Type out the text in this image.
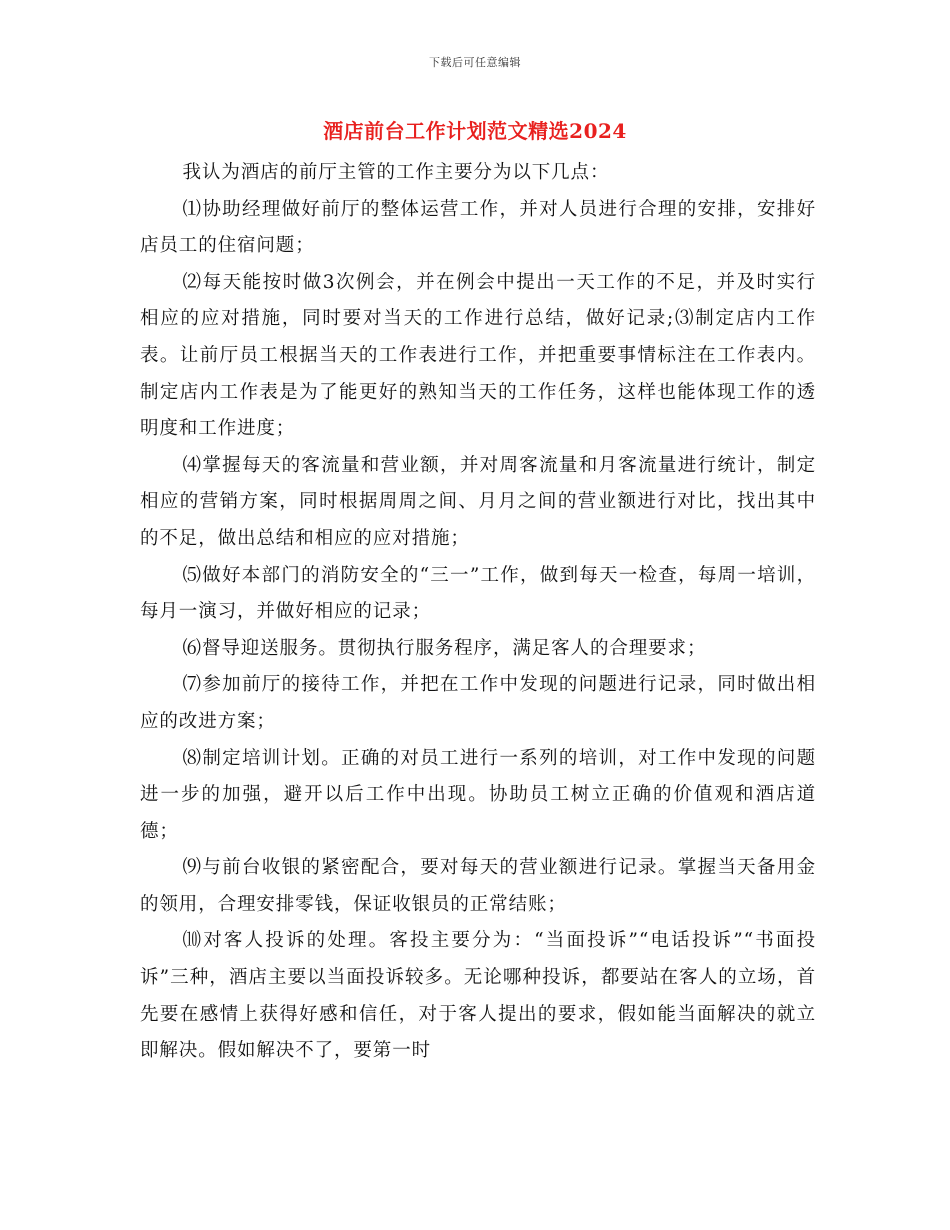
下载后可任意编辑
酒店前台工作计划范文精选2024

我认为酒店的前厅主管的工作主要分为以下几点：

⑴协助经理做好前厅的整体运营工作，并对人员进行合理的安排，安排好店员工的住宿问题；

⑵每天能按时做3次例会，并在例会中提出一天工作的不足，并及时实行相应的应对措施，同时要对当天的工作进行总结，做好记录;⑶制定店内工作表。让前厅员工根据当天的工作表进行工作，并把重要事情标注在工作表内。制定店内工作表是为了能更好的熟知当天的工作任务，这样也能体现工作的透明度和工作进度；

⑷掌握每天的客流量和营业额，并对周客流量和月客流量进行统计，制定相应的营销方案，同时根据周周之间、月月之间的营业额进行对比，找出其中的不足，做出总结和相应的应对措施；

⑸做好本部门的消防安全的“三一”工作，做到每天一检查，每周一培训，每月一演习，并做好相应的记录；

⑹督导迎送服务。贯彻执行服务程序，满足客人的合理要求；

⑺参加前厅的接待工作，并把在工作中发现的问题进行记录，同时做出相应的改进方案；

⑻制定培训计划。正确的对员工进行一系列的培训，对工作中发现的问题进一步的加强，避开以后工作中出现。协助员工树立正确的价值观和酒店道德；

⑼与前台收银的紧密配合，要对每天的营业额进行记录。掌握当天备用金的领用，合理安排零钱，保证收银员的正常结账；

⑽对客人投诉的处理。客投主要分为：“当面投诉”“电话投诉”“书面投诉”三种，酒店主要以当面投诉较多。无论哪种投诉，都要站在客人的立场，首先要在感情上获得好感和信任，对于客人提出的要求，假如能当面解决的就立即解决。假如解决不了，要第一时
